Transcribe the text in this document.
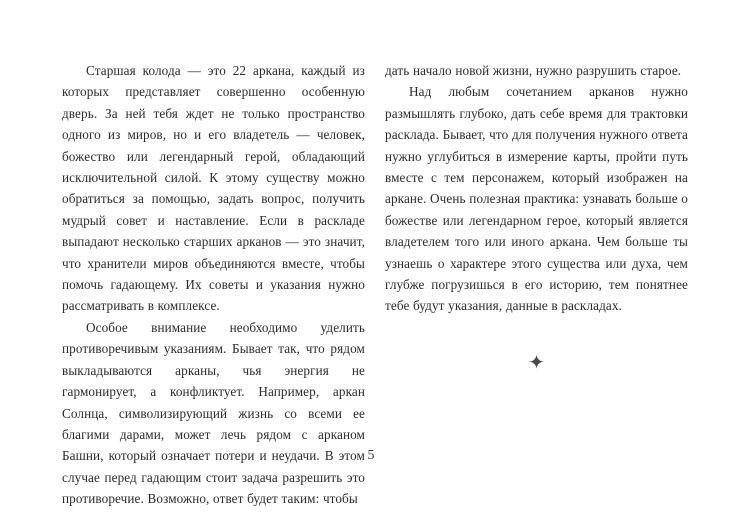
Старшая колода — это 22 аркана, каждый из которых представляет совершенно особенную дверь. За ней тебя ждет не только пространство одного из миров, но и его владетель — человек, божество или легендарный герой, обладающий исключительной силой. К этому существу можно обратиться за помощью, задать вопрос, получить мудрый совет и наставление. Если в раскладе выпадают несколько старших арканов — это значит, что хранители миров объединяются вместе, чтобы помочь гадающему. Их советы и указания нужно рассматривать в комплексе.

Особое внимание необходимо уделить противоречивым указаниям. Бывает так, что рядом выкладываются арканы, чья энергия не гармонирует, а конфликтует. Например, аркан Солнца, символизирующий жизнь со всеми ее благими дарами, может лечь рядом с арканом Башни, который означает потери и неудачи. В этом случае перед гадающим стоит задача разрешить это противоречие. Возможно, ответ будет таким: чтобы

дать начало новой жизни, нужно разрушить старое.

Над любым сочетанием арканов нужно размышлять глубоко, дать себе время для трактовки расклада. Бывает, что для получения нужного ответа нужно углубиться в измерение карты, пройти путь вместе с тем персонажем, который изображен на аркане. Очень полезная практика: узнавать больше о божестве или легендарном герое, который является владетелем того или иного аркана. Чем больше ты узнаешь о характере этого существа или духа, чем глубже погрузишься в его историю, тем понятнее тебе будут указания, данные в раскладах.

✦
5
